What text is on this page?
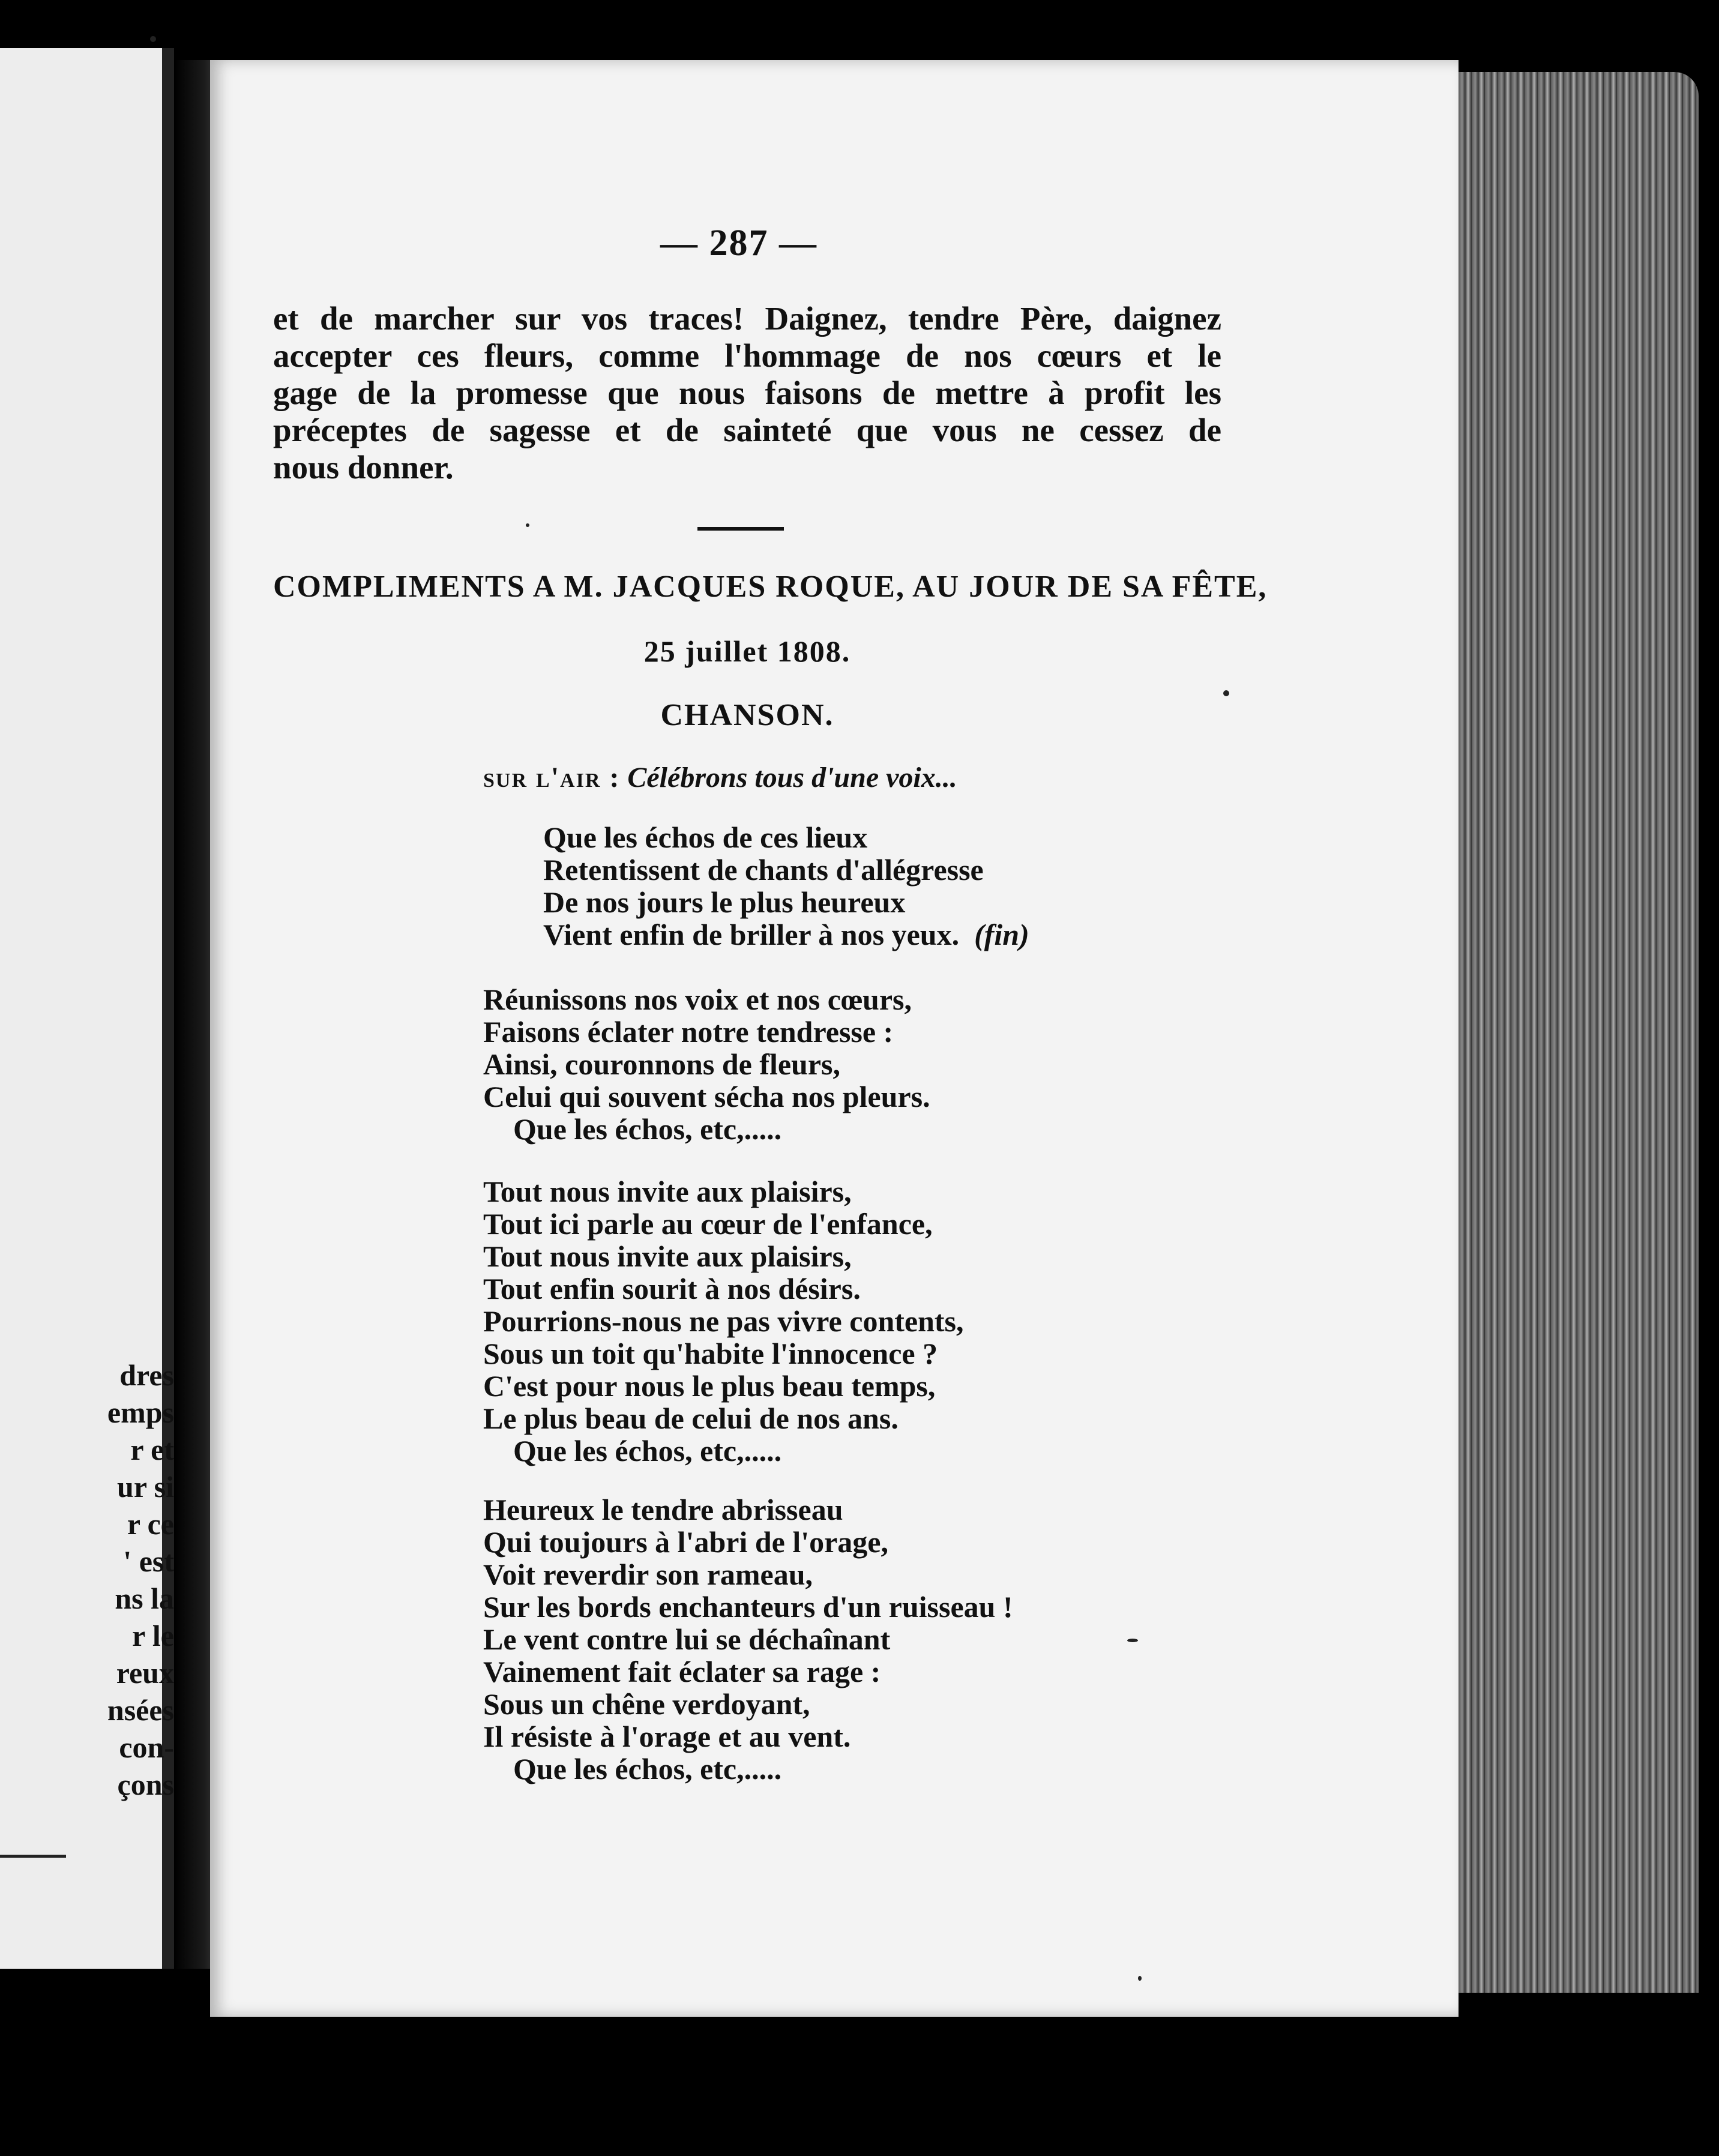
dres
emps
r et
ur si
r ce
' est
ns la
r le
reux
nsées
con-
çons
— 287 —
et de marcher sur vos traces! Daignez, tendre Père, daignez
accepter ces fleurs, comme l'hommage de nos cœurs et le
gage de la promesse que nous faisons de mettre à profit les
préceptes de sagesse et de sainteté que vous ne cessez de
nous donner.
COMPLIMENTS A M. JACQUES ROQUE, AU JOUR DE SA FÊTE,
25 juillet 1808.
CHANSON.
sur l'air : Célébrons tous d'une voix...
Que les échos de ces lieux
Retentissent de chants d'allégresse
De nos jours le plus heureux
Vient enfin de briller à nos yeux. (fin)
Réunissons nos voix et nos cœurs,
Faisons éclater notre tendresse :
Ainsi, couronnons de fleurs,
Celui qui souvent sécha nos pleurs.
Que les échos, etc,.....
Tout nous invite aux plaisirs,
Tout ici parle au cœur de l'enfance,
Tout nous invite aux plaisirs,
Tout enfin sourit à nos désirs.
Pourrions-nous ne pas vivre contents,
Sous un toit qu'habite l'innocence ?
C'est pour nous le plus beau temps,
Le plus beau de celui de nos ans.
Que les échos, etc,.....
Heureux le tendre abrisseau
Qui toujours à l'abri de l'orage,
Voit reverdir son rameau,
Sur les bords enchanteurs d'un ruisseau !
Le vent contre lui se déchaînant
Vainement fait éclater sa rage :
Sous un chêne verdoyant,
Il résiste à l'orage et au vent.
Que les échos, etc,.....
